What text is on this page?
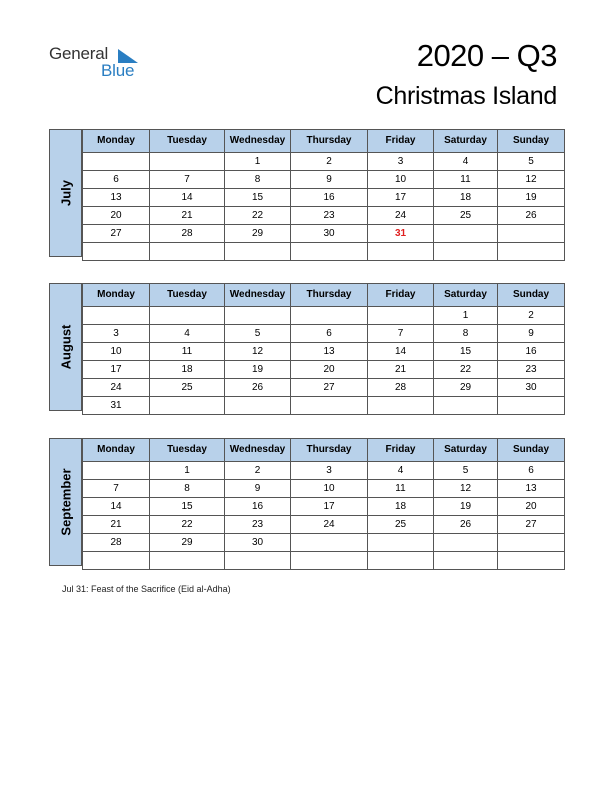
General
Blue	2020 – Q3
Christmas Island
July
Monday	Tuesday	Wednesday	Thursday	Friday	Saturday	Sunday
		1	2	3	4	5
6	7	8	9	10	11	12
13	14	15	16	17	18	19
20	21	22	23	24	25	26
27	28	29	30	31		

August
Monday	Tuesday	Wednesday	Thursday	Friday	Saturday	Sunday
					1	2
3	4	5	6	7	8	9
10	11	12	13	14	15	16
17	18	19	20	21	22	23
24	25	26	27	28	29	30
31						
September
Monday	Tuesday	Wednesday	Thursday	Friday	Saturday	Sunday
	1	2	3	4	5	6
7	8	9	10	11	12	13
14	15	16	17	18	19	20
21	22	23	24	25	26	27
28	29	30				

Jul 31: Feast of the Sacrifice (Eid al-Adha)
